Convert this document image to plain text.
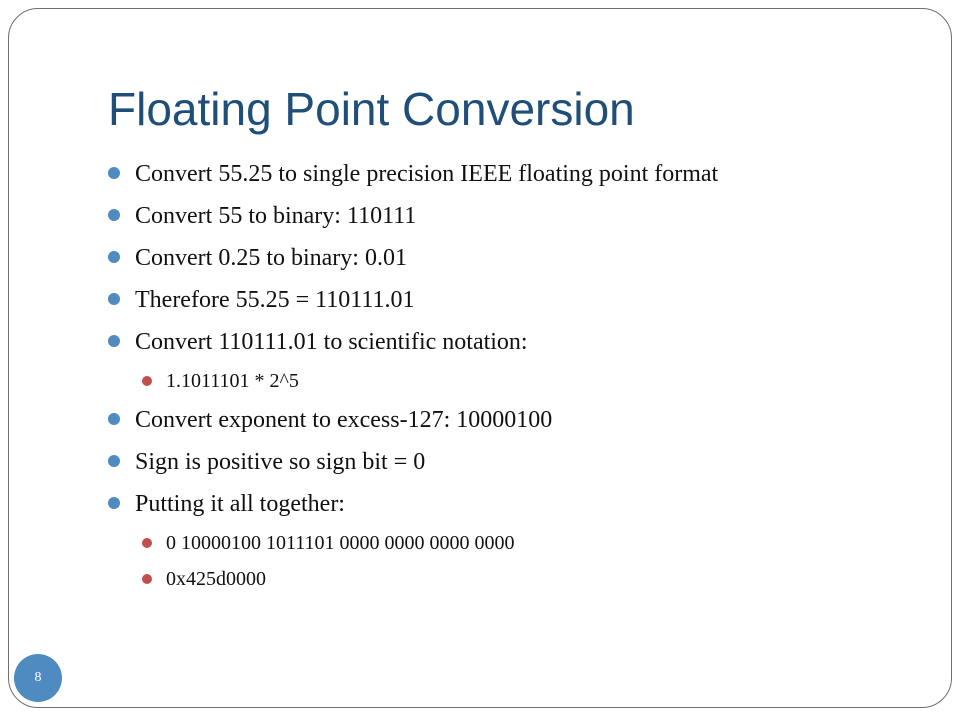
Floating Point Conversion
Convert 55.25 to single precision IEEE floating point format
Convert 55 to binary: 110111
Convert 0.25 to binary: 0.01
Therefore 55.25 = 110111.01
Convert 110111.01 to scientific notation:
1.1011101 * 2^5
Convert exponent to excess-127: 10000100
Sign is positive so sign bit = 0
Putting it all together:
0 10000100 1011101 0000 0000 0000 0000
0x425d0000
8
